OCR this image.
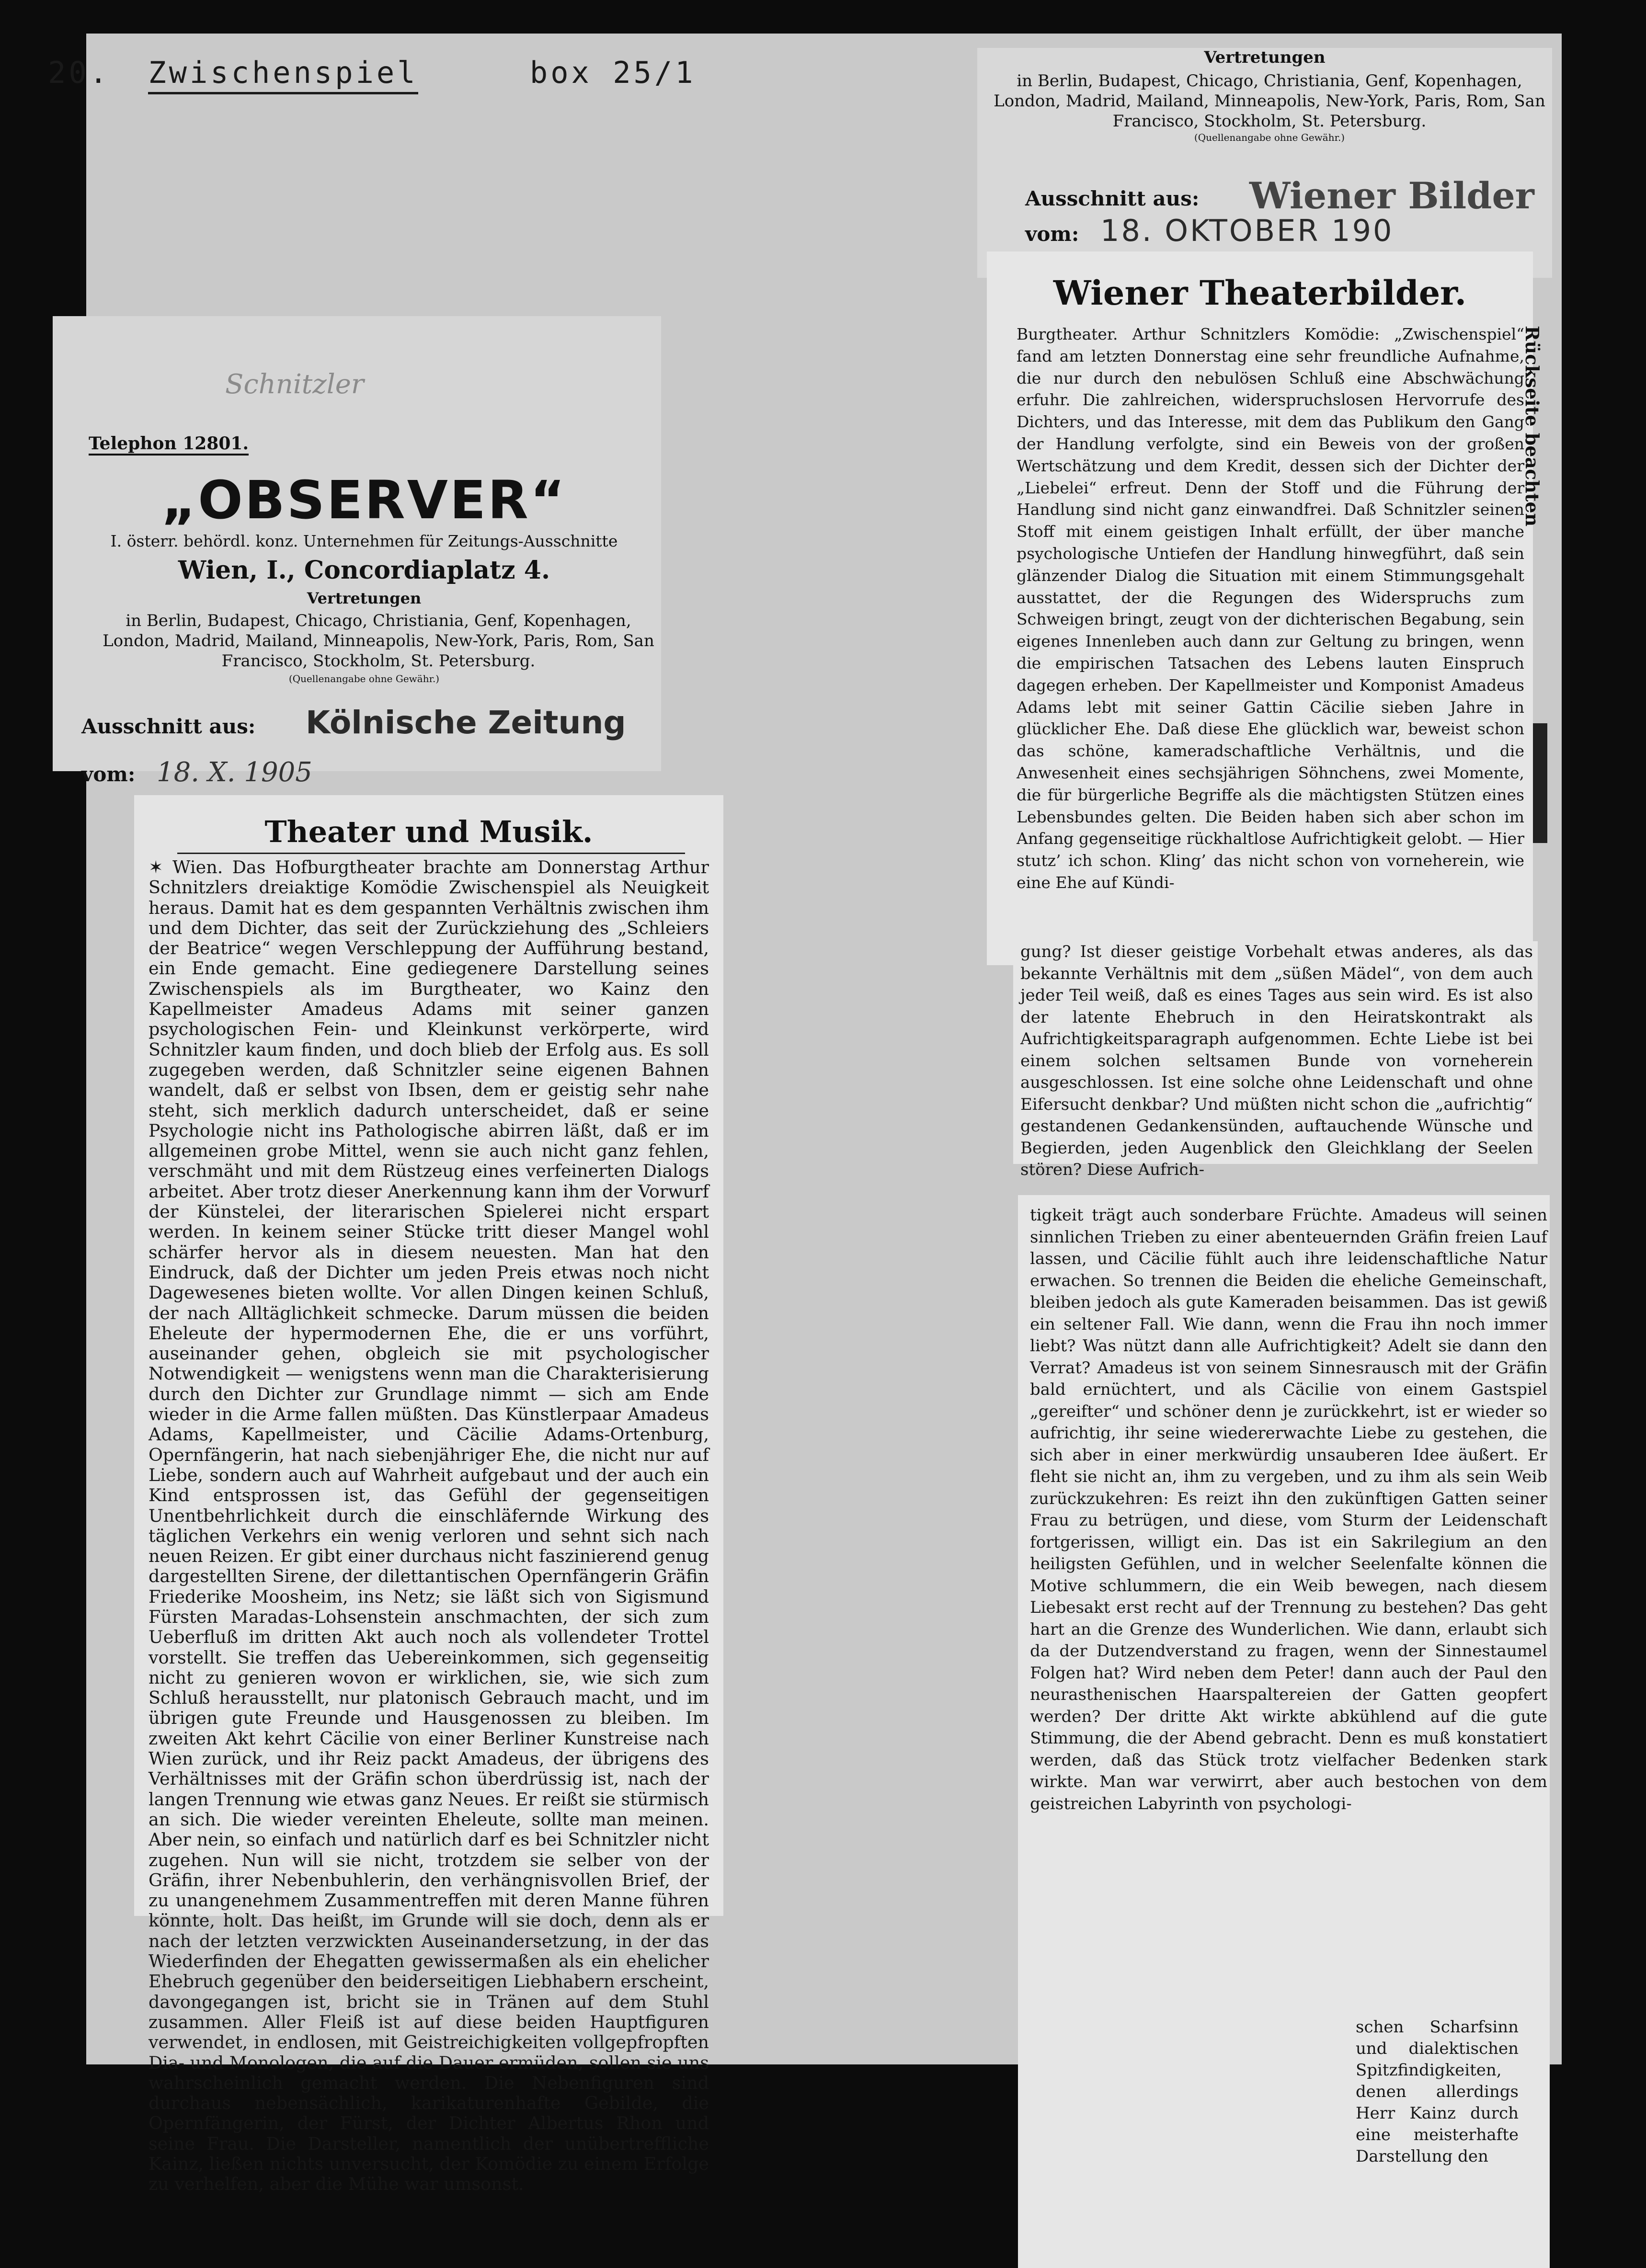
20. Zwischenspiel	box 25/1
Schnitzler
Telephon 12801.
„OBSERVER“
I. österr. behördl. konz. Unternehmen für Zeitungs-Ausschnitte
Wien, I., Concordiaplatz 4.
Vertretungen
in Berlin, Budapest, Chicago, Christiania, Genf, Kopenhagen, London, Madrid, Mailand, Minneapolis, New-York, Paris, Rom, San Francisco, Stockholm, St. Petersburg.
(Quellenangabe ohne Gewähr.)
Ausschnitt aus: Kölnische Zeitung
vom: 18. X. 1905
Theater und Musik.
✶ Wien. Das Hofburgtheater brachte am Donnerstag Arthur Schnitzlers dreiaktige Komödie Zwischenspiel als Neuigkeit heraus. Damit hat es dem gespannten Verhältnis zwischen ihm und dem Dichter, das seit der Zurückziehung des „Schleiers der Beatrice“ wegen Verschleppung der Aufführung bestand, ein Ende gemacht. Eine gediegenere Darstellung seines Zwischenspiels als im Burgtheater, wo Kainz den Kapellmeister Amadeus Adams mit seiner ganzen psychologischen Fein- und Kleinkunst verkörperte, wird Schnitzler kaum finden, und doch blieb der Erfolg aus. Es soll zugegeben werden, daß Schnitzler seine eigenen Bahnen wandelt, daß er selbst von Ibsen, dem er geistig sehr nahe steht, sich merklich dadurch unterscheidet, daß er seine Psychologie nicht ins Pathologische abirren läßt, daß er im allgemeinen grobe Mittel, wenn sie auch nicht ganz fehlen, verschmäht und mit dem Rüstzeug eines verfeinerten Dialogs arbeitet. Aber trotz dieser Anerkennung kann ihm der Vorwurf der Künstelei, der literarischen Spielerei nicht erspart werden. In keinem seiner Stücke tritt dieser Mangel wohl schärfer hervor als in diesem neuesten. Man hat den Eindruck, daß der Dichter um jeden Preis etwas noch nicht Dagewesenes bieten wollte. Vor allen Dingen keinen Schluß, der nach Alltäglichkeit schmecke. Darum müssen die beiden Eheleute der hypermodernen Ehe, die er uns vorführt, auseinander gehen, obgleich sie mit psychologischer Notwendigkeit — wenigstens wenn man die Charakterisierung durch den Dichter zur Grundlage nimmt — sich am Ende wieder in die Arme fallen müßten. Das Künstlerpaar Amadeus Adams, Kapellmeister, und Cäcilie Adams-Ortenburg, Opernfängerin, hat nach siebenjähriger Ehe, die nicht nur auf Liebe, sondern auch auf Wahrheit aufgebaut und der auch ein Kind entsprossen ist, das Gefühl der gegenseitigen Unentbehrlichkeit durch die einschläfernde Wirkung des täglichen Verkehrs ein wenig verloren und sehnt sich nach neuen Reizen. Er gibt einer durchaus nicht faszinierend genug dargestellten Sirene, der dilettantischen Opernfängerin Gräfin Friederike Moosheim, ins Netz; sie läßt sich von Sigismund Fürsten Maradas-Lohsenstein anschmachten, der sich zum Ueberfluß im dritten Akt auch noch als vollendeter Trottel vorstellt. Sie treffen das Uebereinkommen, sich gegenseitig nicht zu genieren wovon er wirklichen, sie, wie sich zum Schluß herausstellt, nur platonisch Gebrauch macht, und im übrigen gute Freunde und Hausgenossen zu bleiben. Im zweiten Akt kehrt Cäcilie von einer Berliner Kunstreise nach Wien zurück, und ihr Reiz packt Amadeus, der übrigens des Verhältnisses mit der Gräfin schon überdrüssig ist, nach der langen Trennung wie etwas ganz Neues. Er reißt sie stürmisch an sich. Die wieder vereinten Eheleute, sollte man meinen. Aber nein, so einfach und natürlich darf es bei Schnitzler nicht zugehen. Nun will sie nicht, trotzdem sie selber von der Gräfin, ihrer Nebenbuhlerin, den verhängnisvollen Brief, der zu unangenehmem Zusammentreffen mit deren Manne führen könnte, holt. Das heißt, im Grunde will sie doch, denn als er nach der letzten verzwickten Auseinandersetzung, in der das Wiederfinden der Ehegatten gewissermaßen als ein ehelicher Ehebruch gegenüber den beiderseitigen Liebhabern erscheint, davongegangen ist, bricht sie in Tränen auf dem Stuhl zusammen. Aller Fleiß ist auf diese beiden Hauptfiguren verwendet, in endlosen, mit Geistreichigkeiten vollgepfropften Dia- und Monologen, die auf die Dauer ermüden, sollen sie uns wahrscheinlich gemacht werden. Die Nebenfiguren sind durchaus nebensächlich, karikaturenhafte Gebilde, die Opernfängerin, der Fürst, der Dichter Albertus Rhon und seine Frau. Die Darsteller, namentlich der unübertreffliche Kainz, ließen nichts unversucht, der Komödie zu einem Erfolge zu verhelfen, aber die Mühe war umsonst.
Vertretungen
in Berlin, Budapest, Chicago, Christiania, Genf, Kopenhagen, London, Madrid, Mailand, Minneapolis, New-York, Paris, Rom, San Francisco, Stockholm, St. Petersburg.
(Quellenangabe ohne Gewähr.)
Ausschnitt aus: Wiener Bilder
vom: 18. OKTOBER 190
Wiener Theaterbilder.
Burgtheater. Arthur Schnitzlers Komödie: „Zwischenspiel“ fand am letzten Donnerstag eine sehr freundliche Aufnahme, die nur durch den nebulösen Schluß eine Abschwächung erfuhr. Die zahlreichen, widerspruchslosen Hervorrufe des Dichters, und das Interesse, mit dem das Publikum den Gang der Handlung verfolgte, sind ein Beweis von der großen Wertschätzung und dem Kredit, dessen sich der Dichter der „Liebelei“ erfreut. Denn der Stoff und die Führung der Handlung sind nicht ganz einwandfrei. Daß Schnitzler seinen Stoff mit einem geistigen Inhalt erfüllt, der über manche psychologische Untiefen der Handlung hinwegführt, daß sein glänzender Dialog die Situation mit einem Stimmungsgehalt ausstattet, der die Regungen des Widerspruchs zum Schweigen bringt, zeugt von der dichterischen Begabung, sein eigenes Innenleben auch dann zur Geltung zu bringen, wenn die empirischen Tatsachen des Lebens lauten Einspruch dagegen erheben. Der Kapellmeister und Komponist Amadeus Adams lebt mit seiner Gattin Cäcilie sieben Jahre in glücklicher Ehe. Daß diese Ehe glücklich war, beweist schon das schöne, kameradschaftliche Verhältnis, und die Anwesenheit eines sechsjährigen Söhnchens, zwei Momente, die für bürgerliche Begriffe als die mächtigsten Stützen eines Lebensbundes gelten. Die Beiden haben sich aber schon im Anfang gegenseitige rückhaltlose Aufrichtigkeit gelobt. — Hier stutz’ ich schon. Kling’ das nicht schon von vorneherein, wie eine Ehe auf Kündi-
gung? Ist dieser geistige Vorbehalt etwas anderes, als das bekannte Verhältnis mit dem „süßen Mädel“, von dem auch jeder Teil weiß, daß es eines Tages aus sein wird. Es ist also der latente Ehebruch in den Heiratskontrakt als Aufrichtigkeitsparagraph aufgenommen. Echte Liebe ist bei einem solchen seltsamen Bunde von vorneherein ausgeschlossen. Ist eine solche ohne Leidenschaft und ohne Eifersucht denkbar? Und müßten nicht schon die „aufrichtig“ gestandenen Gedankensünden, auftauchende Wünsche und Begierden, jeden Augenblick den Gleichklang der Seelen stören? Diese Aufrich-
tigkeit trägt auch sonderbare Früchte. Amadeus will seinen sinnlichen Trieben zu einer abenteuernden Gräfin freien Lauf lassen, und Cäcilie fühlt auch ihre leidenschaftliche Natur erwachen. So trennen die Beiden die eheliche Gemeinschaft, bleiben jedoch als gute Kameraden beisammen. Das ist gewiß ein seltener Fall. Wie dann, wenn die Frau ihn noch immer liebt? Was nützt dann alle Aufrichtigkeit? Adelt sie dann den Verrat? Amadeus ist von seinem Sinnesrausch mit der Gräfin bald ernüchtert, und als Cäcilie von einem Gastspiel „gereifter“ und schöner denn je zurückkehrt, ist er wieder so aufrichtig, ihr seine wiedererwachte Liebe zu gestehen, die sich aber in einer merkwürdig unsauberen Idee äußert. Er fleht sie nicht an, ihm zu vergeben, und zu ihm als sein Weib zurückzukehren: Es reizt ihn den zukünftigen Gatten seiner Frau zu betrügen, und diese, vom Sturm der Leidenschaft fortgerissen, willigt ein. Das ist ein Sakrilegium an den heiligsten Gefühlen, und in welcher Seelenfalte können die Motive schlummern, die ein Weib bewegen, nach diesem Liebesakt erst recht auf der Trennung zu bestehen? Das geht hart an die Grenze des Wunderlichen. Wie dann, erlaubt sich da der Dutzendverstand zu fragen, wenn der Sinnestaumel Folgen hat? Wird neben dem Peter! dann auch der Paul den neurasthenischen Haarspaltereien der Gatten geopfert werden? Der dritte Akt wirkte abkühlend auf die gute Stimmung, die der Abend gebracht. Denn es muß konstatiert werden, daß das Stück trotz vielfacher Bedenken stark wirkte. Man war verwirrt, aber auch bestochen von dem geistreichen Labyrinth von psychologi-
schen Scharfsinn und dialektischen Spitzfindigkeiten, denen allerdings Herr Kainz durch eine meisterhafte Darstellung den
Rückseite beachten
